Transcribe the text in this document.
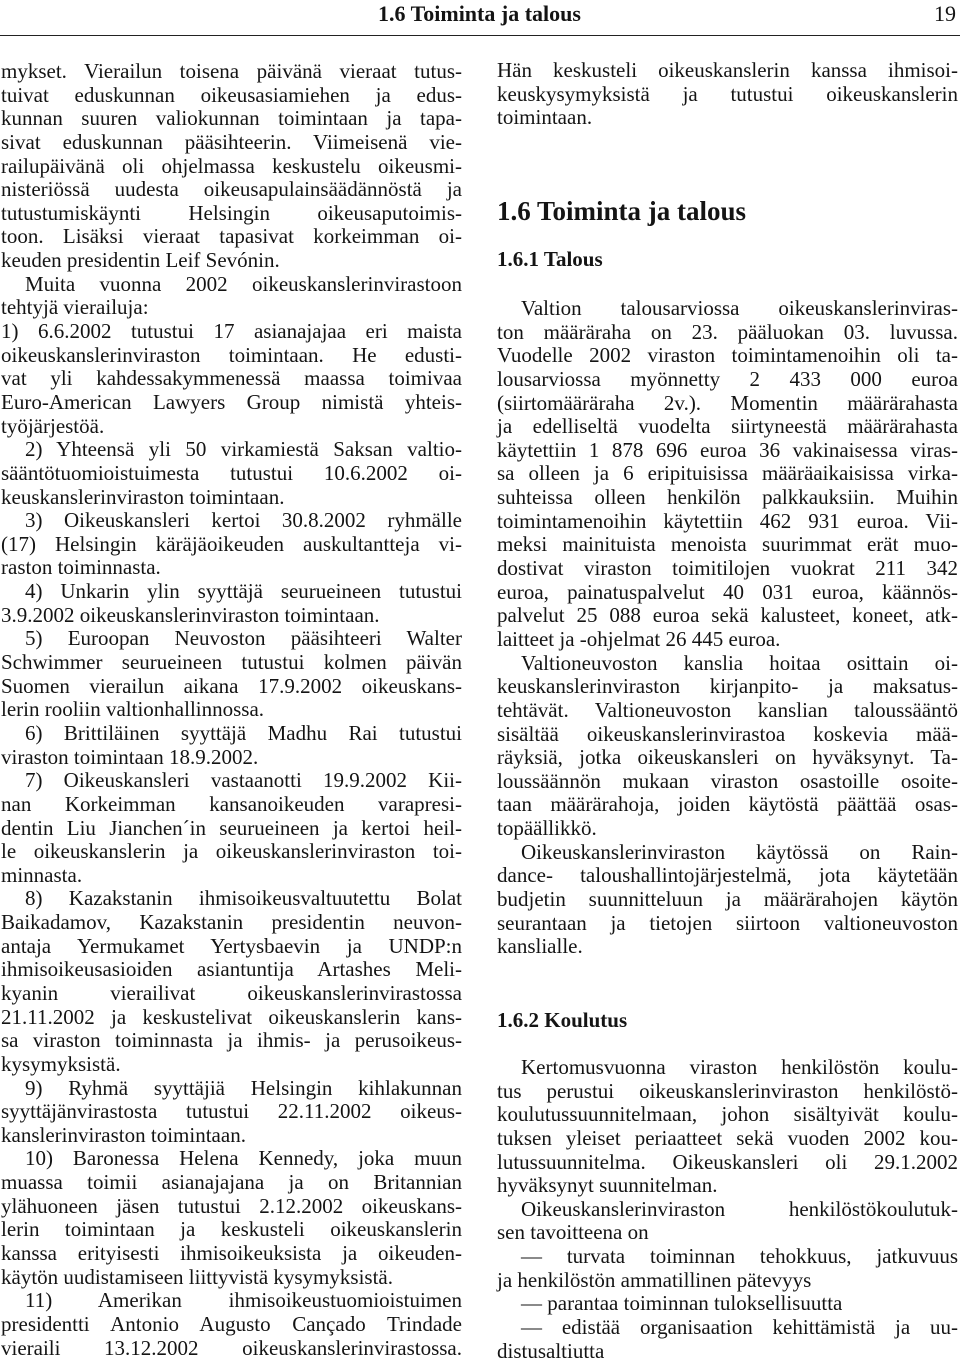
1.6 Toiminta ja talous	19
mykset. Vierailun toisena päivänä vieraat tutus-
tuivat eduskunnan oikeusasiamiehen ja edus-
kunnan suuren valiokunnan toimintaan ja tapa-
sivat eduskunnan pääsihteerin. Viimeisenä vie-
railupäivänä oli ohjelmassa keskustelu oikeusmi-
nisteriössä uudesta oikeusapulainsäädännöstä ja
tutustumiskäynti Helsingin oikeusaputoimis-
toon. Lisäksi vieraat tapasivat korkeimman oi-
keuden presidentin Leif Sevónin.
Muita vuonna 2002 oikeuskanslerinvirastoon
tehtyjä vierailuja:
1) 6.6.2002 tutustui 17 asianajajaa eri maista
oikeuskanslerinviraston toimintaan. He edusti-
vat yli kahdessakymmenessä maassa toimivaa
Euro-American Lawyers Group nimistä yhteis-
työjärjestöä.
2) Yhteensä yli 50 virkamiestä Saksan valtio-
sääntötuomioistuimesta tutustui 10.6.2002 oi-
keuskanslerinviraston toimintaan.
3) Oikeuskansleri kertoi 30.8.2002 ryhmälle
(17) Helsingin käräjäoikeuden auskultantteja vi-
raston toiminnasta.
4) Unkarin ylin syyttäjä seurueineen tutustui
3.9.2002 oikeuskanslerinviraston toimintaan.
5) Euroopan Neuvoston pääsihteeri Walter
Schwimmer seurueineen tutustui kolmen päivän
Suomen vierailun aikana 17.9.2002 oikeuskans-
lerin rooliin valtionhallinnossa.
6) Brittiläinen syyttäjä Madhu Rai tutustui
viraston toimintaan 18.9.2002.
7) Oikeuskansleri vastaanotti 19.9.2002 Kii-
nan Korkeimman kansanoikeuden varapresi-
dentin Liu Jianchen´in seurueineen ja kertoi heil-
le oikeuskanslerin ja oikeuskanslerinviraston toi-
minnasta.
8) Kazakstanin ihmisoikeusvaltuutettu Bolat
Baikadamov, Kazakstanin presidentin neuvon-
antaja Yermukamet Yertysbaevin ja UNDP:n
ihmisoikeusasioiden asiantuntija Artashes Meli-
kyanin vierailivat oikeuskanslerinvirastossa
21.11.2002 ja keskustelivat oikeuskanslerin kans-
sa viraston toiminnasta ja ihmis- ja perusoikeus-
kysymyksistä.
9) Ryhmä syyttäjiä Helsingin kihlakunnan
syyttäjänvirastosta tutustui 22.11.2002 oikeus-
kanslerinviraston toimintaan.
10) Baronessa Helena Kennedy, joka muun
muassa toimii asianajajana ja on Britannian
ylähuoneen jäsen tutustui 2.12.2002 oikeuskans-
lerin toimintaan ja keskusteli oikeuskanslerin
kanssa erityisesti ihmisoikeuksista ja oikeuden-
käytön uudistamiseen liittyvistä kysymyksistä.
11) Amerikan ihmisoikeustuomioistuimen
presidentti Antonio Augusto Cançado Trindade
vieraili 13.12.2002 oikeuskanslerinvirastossa.
Hän keskusteli oikeuskanslerin kanssa ihmisoi-
keuskysymyksistä ja tutustui oikeuskanslerin
toimintaan.
1.6 Toiminta ja talous
1.6.1 Talous
Valtion talousarviossa oikeuskanslerinviras-
ton määräraha on 23. pääluokan 03. luvussa.
Vuodelle 2002 viraston toimintamenoihin oli ta-
lousarviossa myönnetty 2 433 000 euroa
(siirtomääräraha 2v.). Momentin määrärahasta
ja edelliseltä vuodelta siirtyneestä määrärahasta
käytettiin 1 878 696 euroa 36 vakinaisessa viras-
sa olleen ja 6 eripituisissa määräaikaisissa virka-
suhteissa olleen henkilön palkkauksiin. Muihin
toimintamenoihin käytettiin 462 931 euroa. Vii-
meksi mainituista menoista suurimmat erät muo-
dostivat viraston toimitilojen vuokrat 211 342
euroa, painatuspalvelut 40 031 euroa, käännös-
palvelut 25 088 euroa sekä kalusteet, koneet, atk-
laitteet ja -ohjelmat 26 445 euroa.
Valtioneuvoston kanslia hoitaa osittain oi-
keuskanslerinviraston kirjanpito- ja maksatus-
tehtävät. Valtioneuvoston kanslian taloussääntö
sisältää oikeuskanslerinvirastoa koskevia mää-
räyksiä, jotka oikeuskansleri on hyväksynyt. Ta-
loussäännön mukaan viraston osastoille osoite-
taan määrärahoja, joiden käytöstä päättää osas-
topäällikkö.
Oikeuskanslerinviraston käytössä on Rain-
dance- taloushallintojärjestelmä, jota käytetään
budjetin suunnitteluun ja määrärahojen käytön
seurantaan ja tietojen siirtoon valtioneuvoston
kanslialle.
1.6.2 Koulutus
Kertomusvuonna viraston henkilöstön koulu-
tus perustui oikeuskanslerinviraston henkilöstö-
koulutussuunnitelmaan, johon sisältyivät koulu-
tuksen yleiset periaatteet sekä vuoden 2002 kou-
lutussuunnitelma. Oikeuskansleri oli 29.1.2002
hyväksynyt suunnitelman.
Oikeuskanslerinviraston henkilöstökoulutuk-
sen tavoitteena on
— turvata toiminnan tehokkuus, jatkuvuus
ja henkilöstön ammatillinen pätevyys
— parantaa toiminnan tuloksellisuutta
— edistää organisaation kehittämistä ja uu-
distusaltiutta
